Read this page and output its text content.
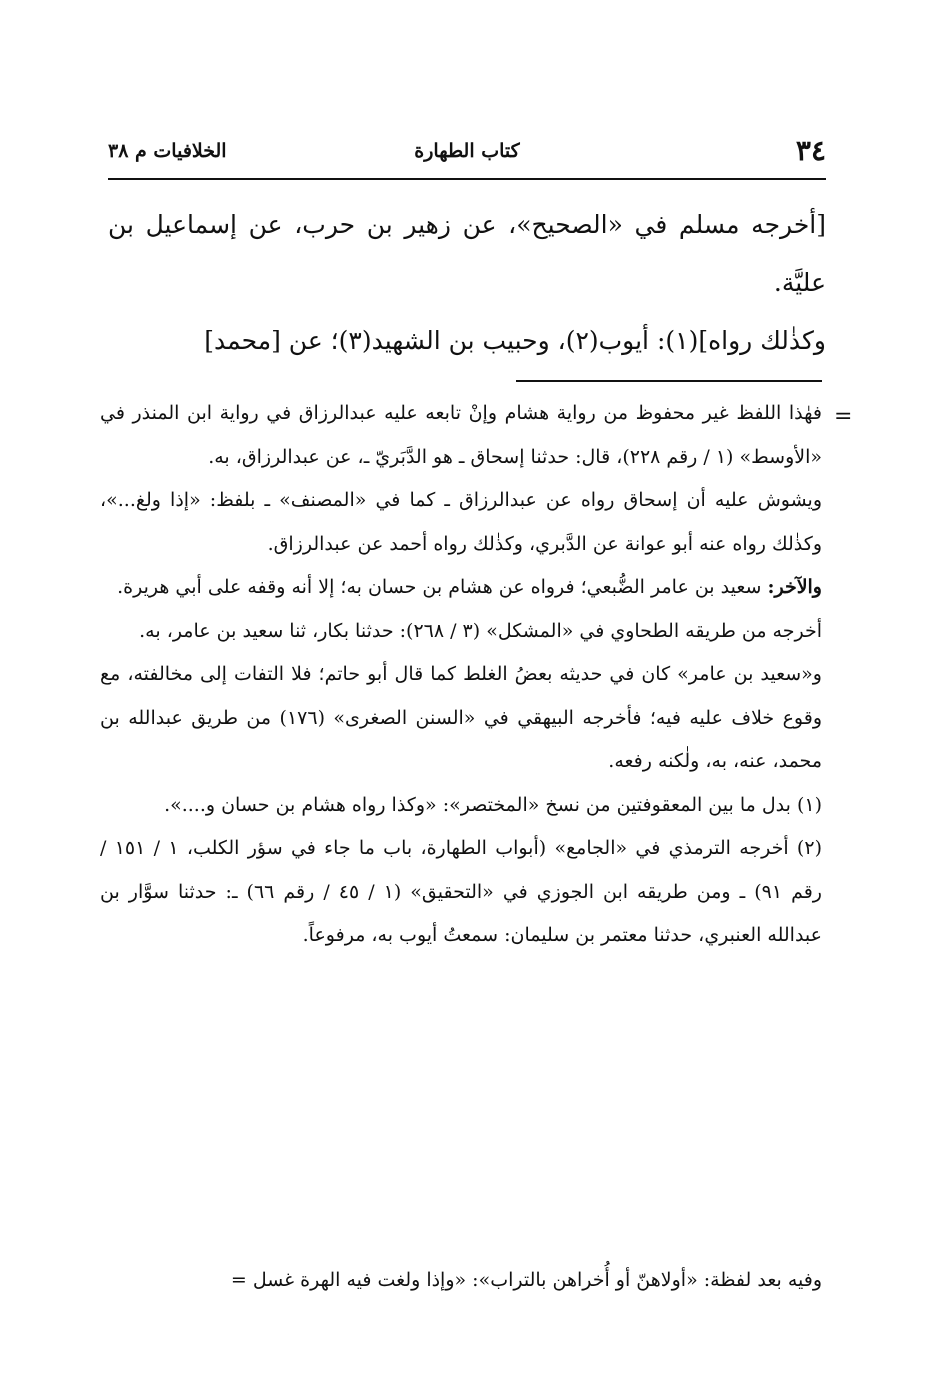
الخلافيات م ٣٨	كتاب الطهارة	٣٤

[أخرجه مسلم في «الصحيح»، عن زهير بن حرب، عن إسماعيل بن عليَّة.

وكذٰلك رواه](١): أيوب(٢)، وحبيب بن الشهيد(٣)؛ عن [محمد]

=

فهٰذا اللفظ غير محفوظ من رواية هشام وإنْ تابعه عليه عبدالرزاق في رواية ابن المنذر في «الأوسط» (١ / رقم ٢٢٨)، قال: حدثنا إسحاق ـ هو الدَّبَريّ ـ، عن عبدالرزاق، به.

ويشوش عليه أن إسحاق رواه عن عبدالرزاق ـ كما في «المصنف» ـ بلفظ: «إذا ولغ...»، وكذٰلك رواه عنه أبو عوانة عن الدَّبري، وكذٰلك رواه أحمد عن عبدالرزاق.

والآخر: سعيد بن عامر الضُّبعي؛ فرواه عن هشام بن حسان به؛ إلا أنه وقفه على أبي هريرة.

أخرجه من طريقه الطحاوي في «المشكل» (٣ / ٢٦٨): حدثنا بكار، ثنا سعيد بن عامر، به.

و«سعيد بن عامر» كان في حديثه بعضُ الغلط كما قال أبو حاتم؛ فلا التفات إلى مخالفته، مع وقوع خلاف عليه فيه؛ فأخرجه البيهقي في «السنن الصغرى» (١٧٦) من طريق عبدالله بن محمد، عنه، به، ولٰكنه رفعه.

(١) بدل ما بين المعقوفتين من نسخ «المختصر»: «وكذا رواه هشام بن حسان و....».

(٢) أخرجه الترمذي في «الجامع» (أبواب الطهارة، باب ما جاء في سؤر الكلب، ١ / ١٥١ / رقم ٩١) ـ ومن طريقه ابن الجوزي في «التحقيق» (١ / ٤٥ / رقم ٦٦) ـ: حدثنا سوَّار بن عبدالله العنبري، حدثنا معتمر بن سليمان: سمعتُ أيوب به، مرفوعاً.

وفيه بعد لفظة: «أولاهنّ أو أُخراهن بالتراب»: «وإذا ولغت فيه الهرة غسل =
